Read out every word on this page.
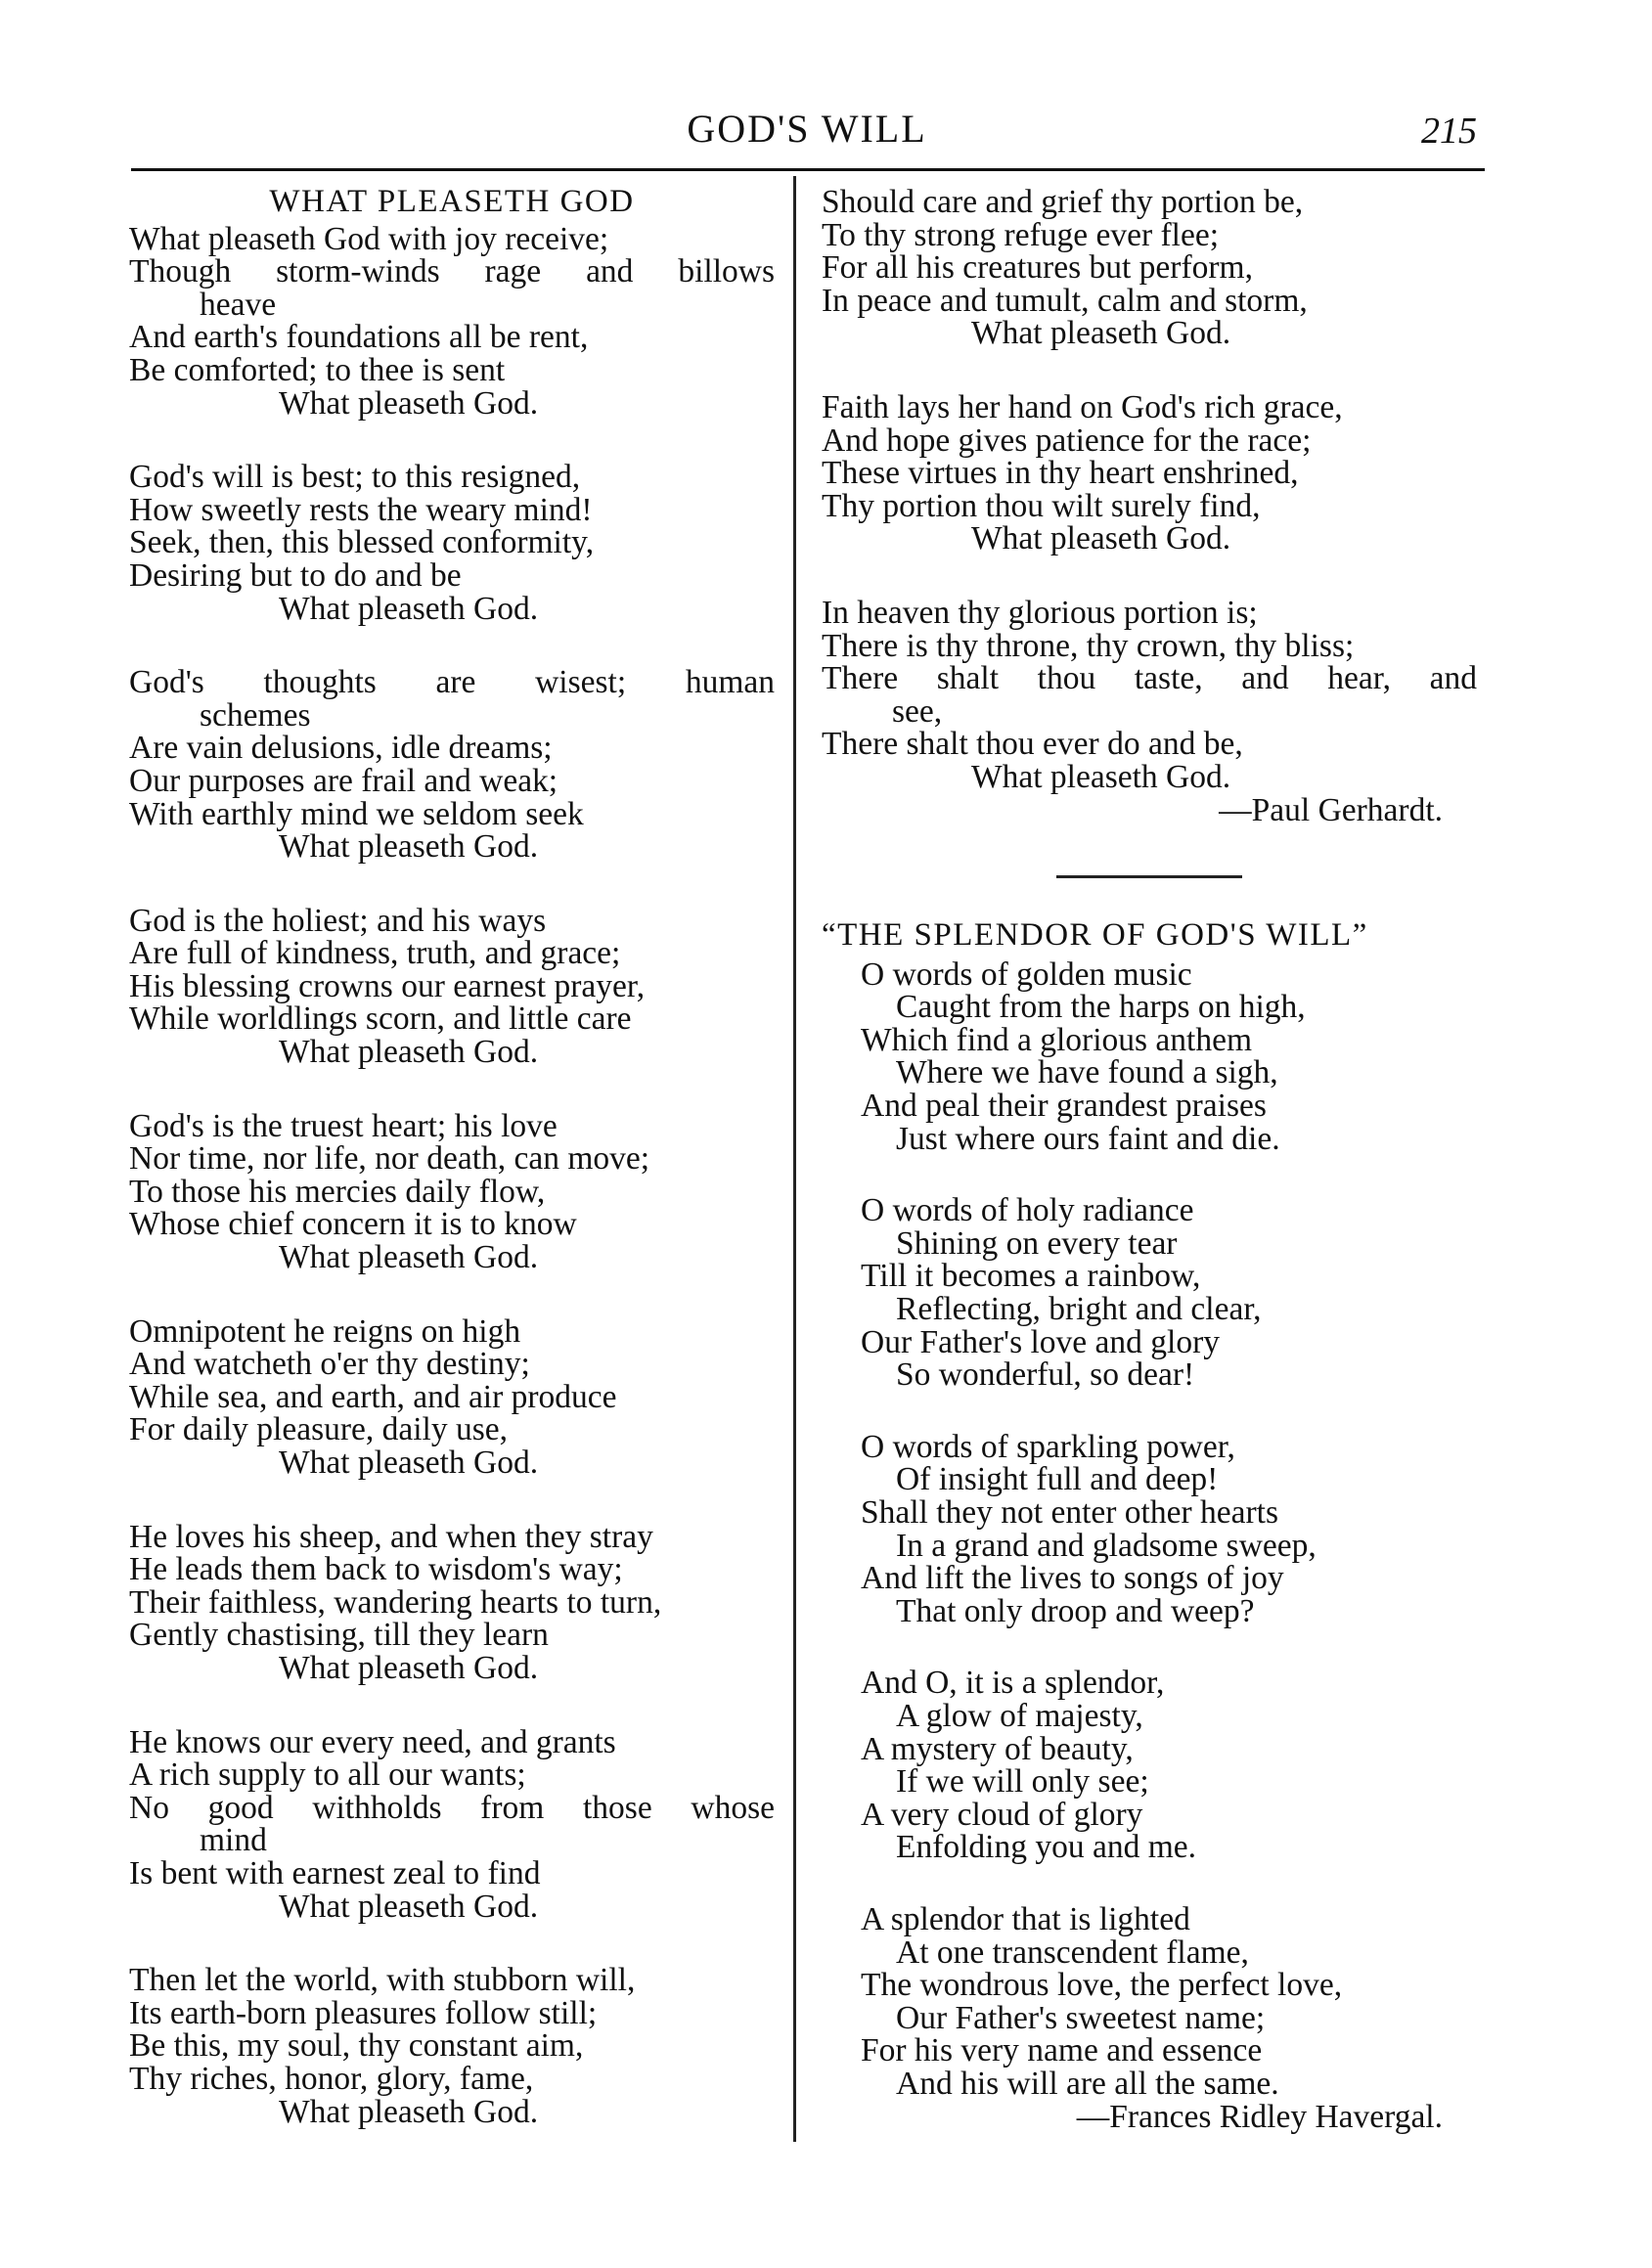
GOD'S WILL	215
WHAT PLEASETH GOD
What pleaseth God with joy receive;
Though storm-winds rage and billows
heave
And earth's foundations all be rent,
Be comforted; to thee is sent
What pleaseth God.
God's will is best; to this resigned,
How sweetly rests the weary mind!
Seek, then, this blessed conformity,
Desiring but to do and be
What pleaseth God.
God's thoughts are wisest; human
schemes
Are vain delusions, idle dreams;
Our purposes are frail and weak;
With earthly mind we seldom seek
What pleaseth God.
God is the holiest; and his ways
Are full of kindness, truth, and grace;
His blessing crowns our earnest prayer,
While worldlings scorn, and little care
What pleaseth God.
God's is the truest heart; his love
Nor time, nor life, nor death, can move;
To those his mercies daily flow,
Whose chief concern it is to know
What pleaseth God.
Omnipotent he reigns on high
And watcheth o'er thy destiny;
While sea, and earth, and air produce
For daily pleasure, daily use,
What pleaseth God.
He loves his sheep, and when they stray
He leads them back to wisdom's way;
Their faithless, wandering hearts to turn,
Gently chastising, till they learn
What pleaseth God.
He knows our every need, and grants
A rich supply to all our wants;
No good withholds from those whose
mind
Is bent with earnest zeal to find
What pleaseth God.
Then let the world, with stubborn will,
Its earth-born pleasures follow still;
Be this, my soul, thy constant aim,
Thy riches, honor, glory, fame,
What pleaseth God.
Should care and grief thy portion be,
To thy strong refuge ever flee;
For all his creatures but perform,
In peace and tumult, calm and storm,
What pleaseth God.
Faith lays her hand on God's rich grace,
And hope gives patience for the race;
These virtues in thy heart enshrined,
Thy portion thou wilt surely find,
What pleaseth God.
In heaven thy glorious portion is;
There is thy throne, thy crown, thy bliss;
There shalt thou taste, and hear, and
see,
There shalt thou ever do and be,
What pleaseth God.
—Paul Gerhardt.
“THE SPLENDOR OF GOD'S WILL”
O words of golden music
Caught from the harps on high,
Which find a glorious anthem
Where we have found a sigh,
And peal their grandest praises
Just where ours faint and die.
O words of holy radiance
Shining on every tear
Till it becomes a rainbow,
Reflecting, bright and clear,
Our Father's love and glory
So wonderful, so dear!
O words of sparkling power,
Of insight full and deep!
Shall they not enter other hearts
In a grand and gladsome sweep,
And lift the lives to songs of joy
That only droop and weep?
And O, it is a splendor,
A glow of majesty,
A mystery of beauty,
If we will only see;
A very cloud of glory
Enfolding you and me.
A splendor that is lighted
At one transcendent flame,
The wondrous love, the perfect love,
Our Father's sweetest name;
For his very name and essence
And his will are all the same.
—Frances Ridley Havergal.
